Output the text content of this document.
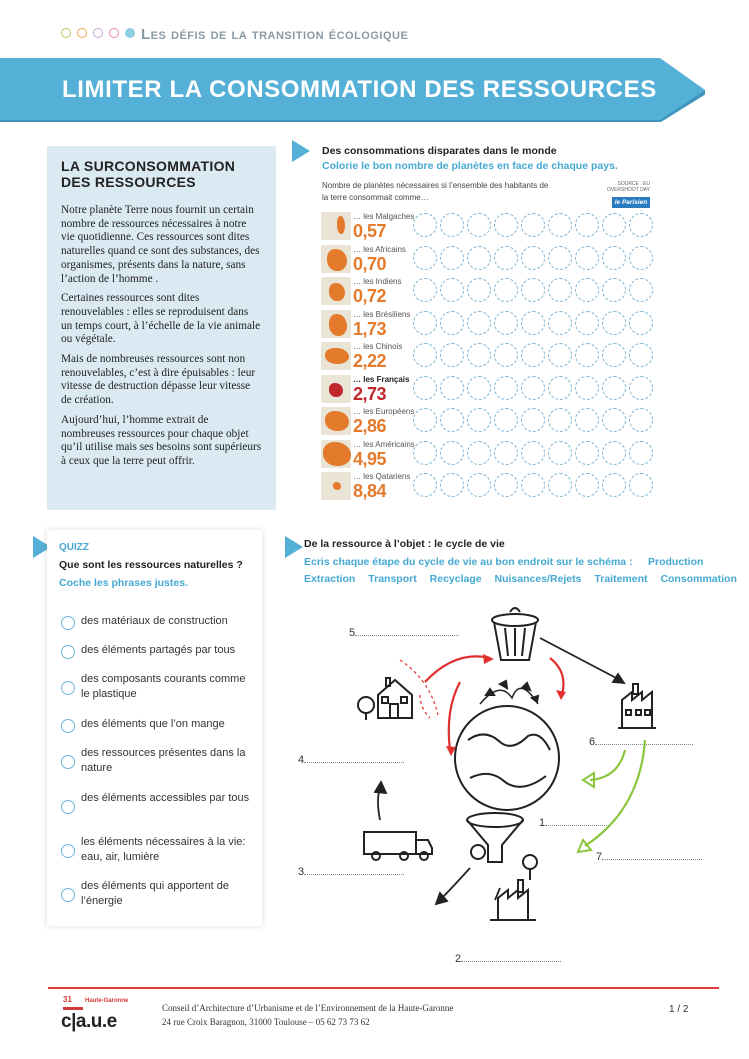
Les défis de la transition écologique
LIMITER LA CONSOMMATION DES RESSOURCES
LA SURCONSOMMATION DES RESSOURCES

Notre planète Terre nous fournit un certain nombre de ressources nécessaires à notre vie quotidienne. Ces ressources sont dites naturelles quand ce sont des substances, des organismes, présents dans la nature, sans l’action de l’homme .

Certaines ressources sont dites renouvelables : elles se reproduisent dans un temps court, à l’échelle de la vie animale ou végétale.

Mais de nombreuses ressources sont non renouvelables, c’est à dire épuisables : leur vitesse de destruction dépasse leur vitesse de création.

Aujourd’hui, l’homme extrait de nombreuses ressources pour chaque objet qu’il utilise mais ses besoins sont supérieurs à ceux que la terre peut offrir.

Des consommations disparates dans le monde
Colorie le bon nombre de planètes en face de chaque pays.
Nombre de planètes nécessaires si l’ensemble des habitants de la terre consommait comme…
SOURCE : EU OVERSHOOT DAY
le Parisien
… les Malgaches
0,57
… les Africains
0,70
… les Indiens
0,72
… les Brésiliens
1,73
… les Chinois
2,22
… les Français
2,73
… les Européens
2,86
… les Américains
4,95
… les Qatariens
8,84
QUIZZ
Que sont les ressources naturelles ?
Coche les phrases justes.
des matériaux de construction
des éléments partagés par tous
des composants courants comme le plastique
des éléments que l’on mange
des ressources présentes dans la nature
des éléments accessibles par tous
les éléments nécessaires à la vie: eau, air, lumière
des éléments qui apportent de l’énergie
De la ressource à l’objet : le cycle de vie
Ecris chaque étape du cycle de vie au bon endroit sur le schéma : Production
Extraction Transport Recyclage Nuisances/Rejets Traitement Consommation
5
6
4
1
7
3
2
31 Haute-Garonne
c|a.u.e
Conseil d’Architecture d’Urbanisme et de l’Environnement de la Haute-Garonne
24 rue Croix Baragnon, 31000 Toulouse – 05 62 73 73 62
1 / 2
